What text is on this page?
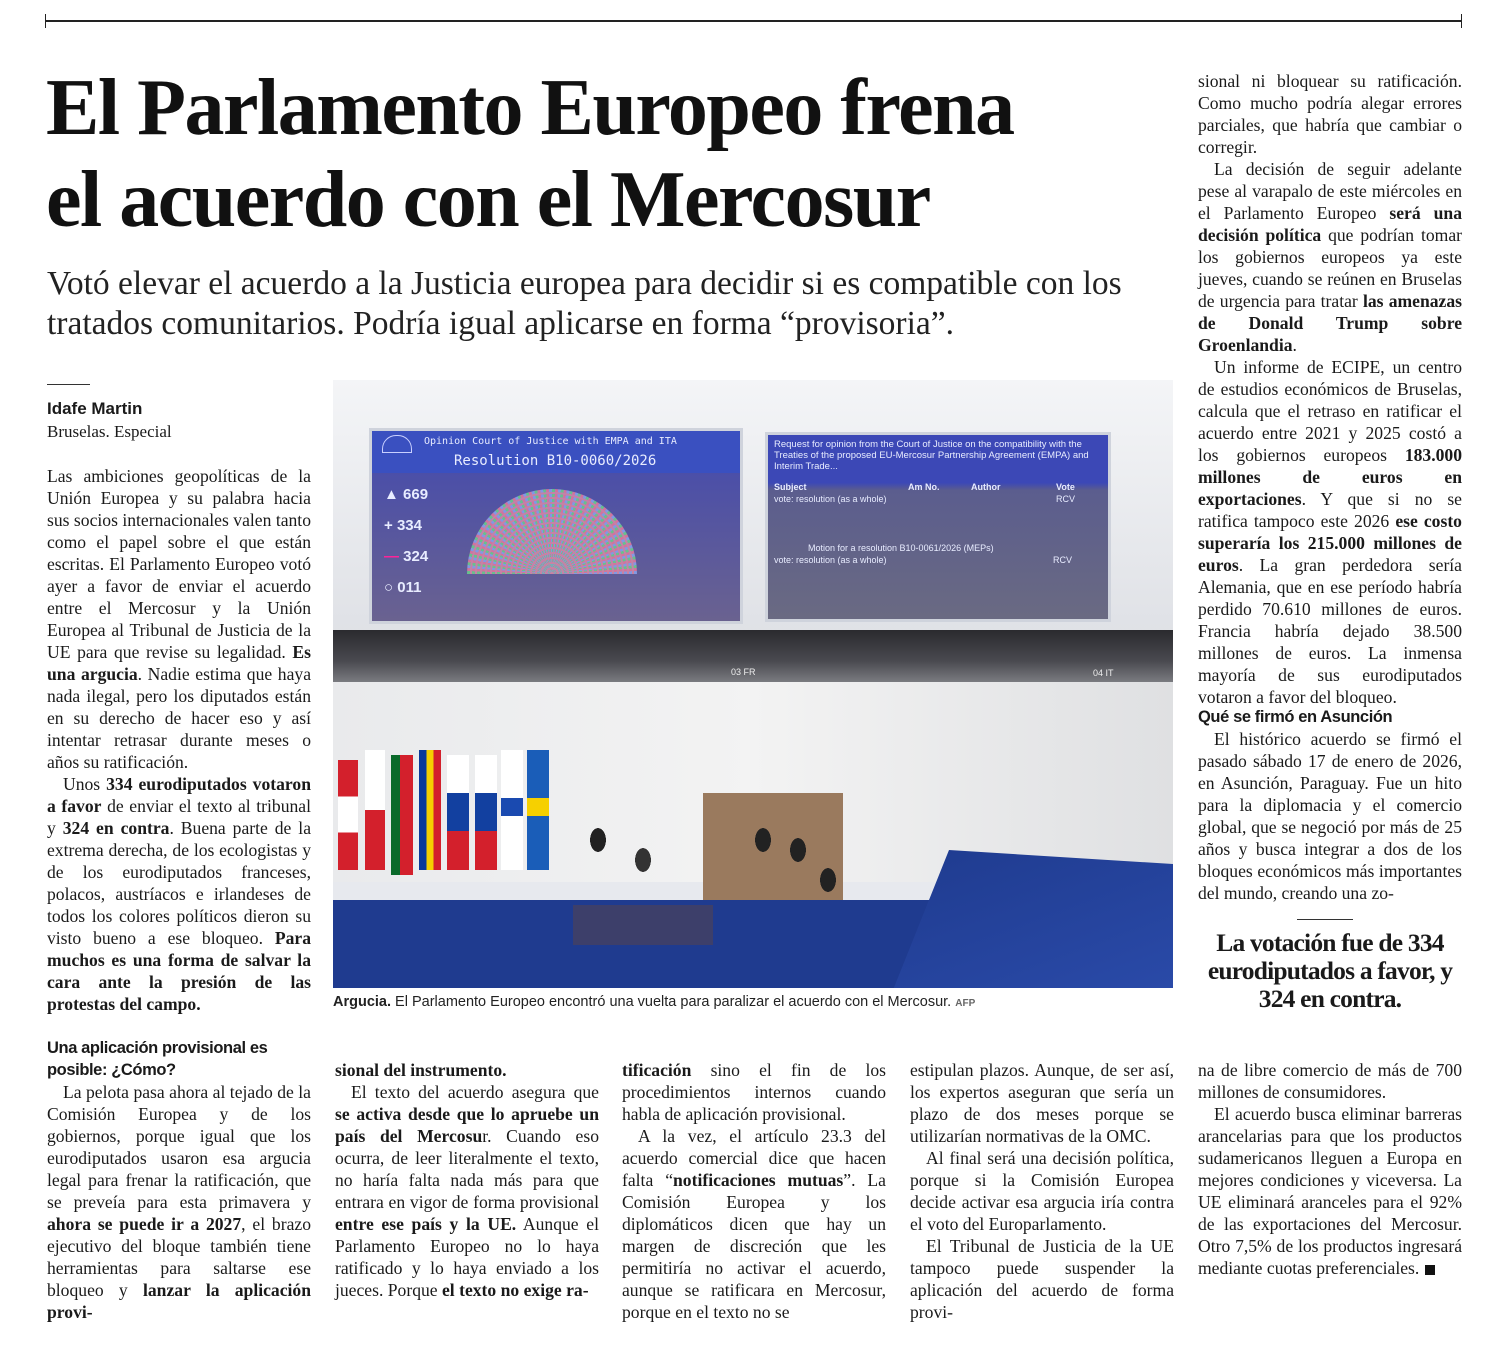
El Parlamento Europeo frena
el acuerdo con el Mercosur
Votó elevar el acuerdo a la Justicia europea para decidir si es compatible con los tratados comunitarios. Podría igual aplicarse en forma “provisoria”.
Idafe Martin
Bruselas. Especial

Las ambiciones geopolíticas de la Unión Europea y su palabra hacia sus socios internacionales valen tanto como el papel sobre el que están escritas. El Parlamento Europeo votó ayer a favor de enviar el acuerdo entre el Mercosur y la Unión Europea al Tribunal de Justicia de la UE para que revise su legalidad. Es una argucia. Nadie estima que haya nada ilegal, pero los diputados están en su derecho de hacer eso y así intentar retrasar durante meses o años su ratificación.

Unos 334 eurodiputados votaron a favor de enviar el texto al tribunal y 324 en contra. Buena parte de la extrema derecha, de los ecologistas y de los eurodiputados franceses, polacos, austríacos e irlandeses de todos los colores políticos dieron su visto bueno a ese bloqueo. Para muchos es una forma de salvar la cara ante la presión de las protestas del campo.

Una aplicación provisional es posible: ¿Cómo?

La pelota pasa ahora al tejado de la Comisión Europea y de los gobiernos, porque igual que los eurodiputados usaron esa argucia legal para frenar la ratificación, que se preveía para esta primavera y ahora se puede ir a 2027, el brazo ejecutivo del bloque también tiene herramientas para saltarse ese bloqueo y lanzar la aplicación provi-

sional del instrumento.

El texto del acuerdo asegura que se activa desde que lo apruebe un país del Mercosur. Cuando eso ocurra, de leer literalmente el texto, no haría falta nada más para que entrara en vigor de forma provisional entre ese país y la UE. Aunque el Parlamento Europeo no lo haya ratificado y lo haya enviado a los jueces. Porque el texto no exige ra-

tificación sino el fin de los procedimientos internos cuando habla de aplicación provisional.

A la vez, el artículo 23.3 del acuerdo comercial dice que hacen falta “notificaciones mutuas”. La Comisión Europea y los diplomáticos dicen que hay un margen de discreción que les permitiría no activar el acuerdo, aunque se ratificara en Mercosur, porque en el texto no se

estipulan plazos. Aunque, de ser así, los expertos aseguran que sería un plazo de dos meses porque se utilizarían normativas de la OMC.

Al final será una decisión política, porque si la Comisión Europea decide activar esa argucia iría contra el voto del Europarlamento.

El Tribunal de Justicia de la UE tampoco puede suspender la aplicación del acuerdo de forma provi-

sional ni bloquear su ratificación. Como mucho podría alegar errores parciales, que habría que cambiar o corregir.

La decisión de seguir adelante pese al varapalo de este miércoles en el Parlamento Europeo será una decisión política que podrían tomar los gobiernos europeos ya este jueves, cuando se reúnen en Bruselas de urgencia para tratar las amenazas de Donald Trump sobre Groenlandia.

Un informe de ECIPE, un centro de estudios económicos de Bruselas, calcula que el retraso en ratificar el acuerdo entre 2021 y 2025 costó a los gobiernos europeos 183.000 millones de euros en exportaciones. Y que si no se ratifica tampoco este 2026 ese costo superaría los 215.000 millones de euros. La gran perdedora sería Alemania, que en ese período habría perdido 70.610 millones de euros. Francia habría dejado 38.500 millones de euros. La inmensa mayoría de sus eurodiputados votaron a favor del bloqueo.

Qué se firmó en Asunción

El histórico acuerdo se firmó el pasado sábado 17 de enero de 2026, en Asunción, Paraguay. Fue un hito para la diplomacia y el comercio global, que se negoció por más de 25 años y busca integrar a dos de los bloques económicos más importantes del mundo, creando una zo-

La votación fue de 334 eurodiputados a favor, y 324 en contra.

na de libre comercio de más de 700 millones de consumidores.

El acuerdo busca eliminar barreras arancelarias para que los productos sudamericanos lleguen a Europa en mejores condiciones y viceversa. La UE eliminará aranceles para el 92% de las exportaciones del Mercosur. Otro 7,5% de los productos ingresará mediante cuotas preferenciales.

Opinion Court of Justice with EMPA and ITA
Resolution B10-0060/2026
▲ 669
+ 334
— 324
○ 011
Request for opinion from the Court of Justice on the compatibility with the Treaties of the proposed EU-Mercosur Partnership Agreement (EMPA) and Interim Trade...
Subject	Am No.	Author	Vote
vote: resolution (as a whole)	RCV
Motion for a resolution B10-0061/2026 (MEPs)
vote: resolution (as a whole)	RCV
03 FR	04 IT
Argucia. El Parlamento Europeo encontró una vuelta para paralizar el acuerdo con el Mercosur. AFP
